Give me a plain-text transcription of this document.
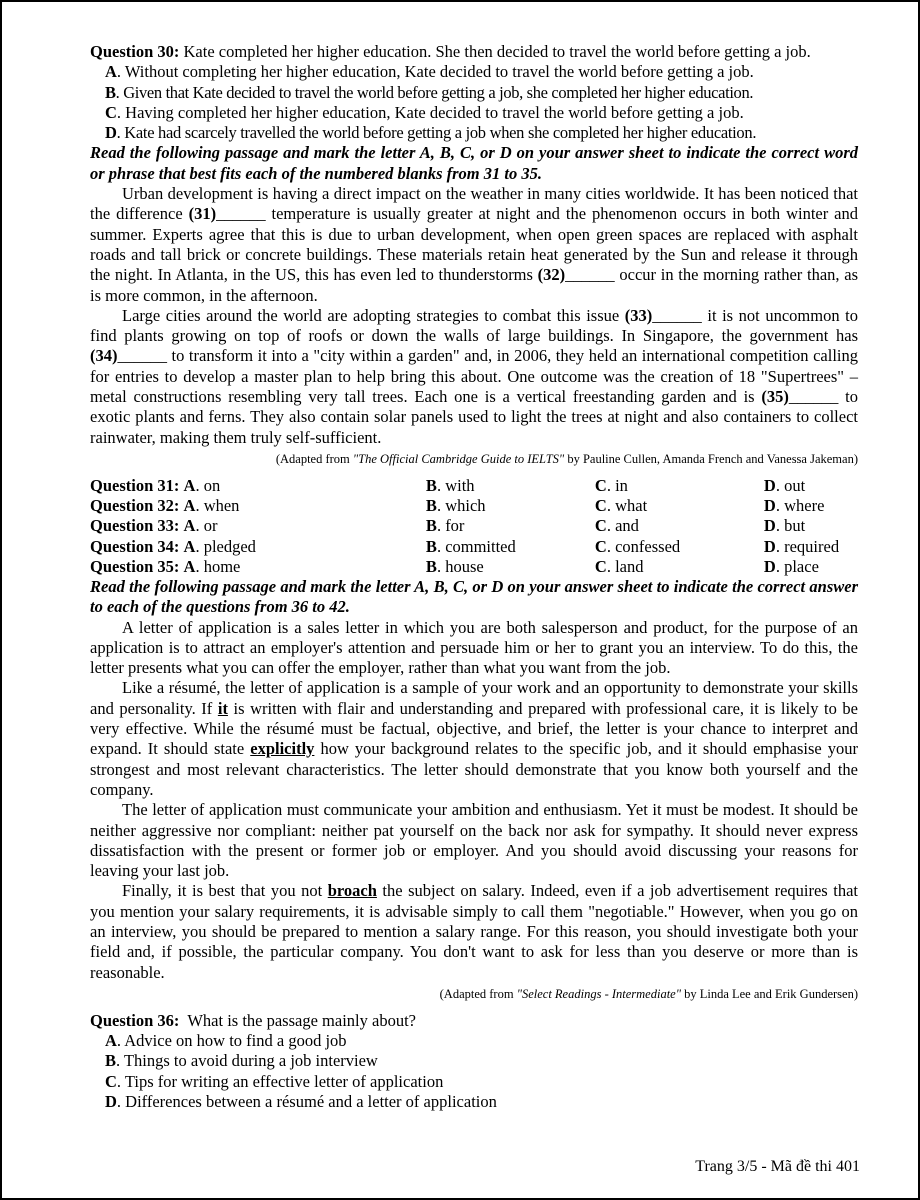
Question 30: Kate completed her higher education. She then decided to travel the world before getting a job.
A. Without completing her higher education, Kate decided to travel the world before getting a job.
B. Given that Kate decided to travel the world before getting a job, she completed her higher education.
C. Having completed her higher education, Kate decided to travel the world before getting a job.
D. Kate had scarcely travelled the world before getting a job when she completed her higher education.
Read the following passage and mark the letter A, B, C, or D on your answer sheet to indicate the correct word or phrase that best fits each of the numbered blanks from 31 to 35.
Urban development is having a direct impact on the weather in many cities worldwide. It has been noticed that the difference (31)______ temperature is usually greater at night and the phenomenon occurs in both winter and summer. Experts agree that this is due to urban development, when open green spaces are replaced with asphalt roads and tall brick or concrete buildings. These materials retain heat generated by the Sun and release it through the night. In Atlanta, in the US, this has even led to thunderstorms (32)______ occur in the morning rather than, as is more common, in the afternoon.
Large cities around the world are adopting strategies to combat this issue (33)______ it is not uncommon to find plants growing on top of roofs or down the walls of large buildings. In Singapore, the government has (34)______ to transform it into a "city within a garden" and, in 2006, they held an international competition calling for entries to develop a master plan to help bring this about. One outcome was the creation of 18 "Supertrees" – metal constructions resembling very tall trees. Each one is a vertical freestanding garden and is (35)______ to exotic plants and ferns. They also contain solar panels used to light the trees at night and also containers to collect rainwater, making them truly self-sufficient.
(Adapted from "The Official Cambridge Guide to IELTS" by Pauline Cullen, Amanda French and Vanessa Jakeman)
Question 31: A. on		B. with	C. in	D. out
Question 32: A. when		B. which	C. what	D. where
Question 33: A. or		B. for	C. and	D. but
Question 34: A. pledged		B. committed	C. confessed	D. required
Question 35: A. home		B. house	C. land	D. place
Read the following passage and mark the letter A, B, C, or D on your answer sheet to indicate the correct answer to each of the questions from 36 to 42.
A letter of application is a sales letter in which you are both salesperson and product, for the purpose of an application is to attract an employer's attention and persuade him or her to grant you an interview. To do this, the letter presents what you can offer the employer, rather than what you want from the job.
Like a résumé, the letter of application is a sample of your work and an opportunity to demonstrate your skills and personality. If it is written with flair and understanding and prepared with professional care, it is likely to be very effective. While the résumé must be factual, objective, and brief, the letter is your chance to interpret and expand. It should state explicitly how your background relates to the specific job, and it should emphasise your strongest and most relevant characteristics. The letter should demonstrate that you know both yourself and the company.
The letter of application must communicate your ambition and enthusiasm. Yet it must be modest. It should be neither aggressive nor compliant: neither pat yourself on the back nor ask for sympathy. It should never express dissatisfaction with the present or former job or employer. And you should avoid discussing your reasons for leaving your last job.
Finally, it is best that you not broach the subject on salary. Indeed, even if a job advertisement requires that you mention your salary requirements, it is advisable simply to call them "negotiable." However, when you go on an interview, you should be prepared to mention a salary range. For this reason, you should investigate both your field and, if possible, the particular company. You don't want to ask for less than you deserve or more than is reasonable.
(Adapted from "Select Readings - Intermediate" by Linda Lee and Erik Gundersen)
Question 36: What is the passage mainly about?
A. Advice on how to find a good job
B. Things to avoid during a job interview
C. Tips for writing an effective letter of application
D. Differences between a résumé and a letter of application
Trang 3/5 - Mã đề thi 401
